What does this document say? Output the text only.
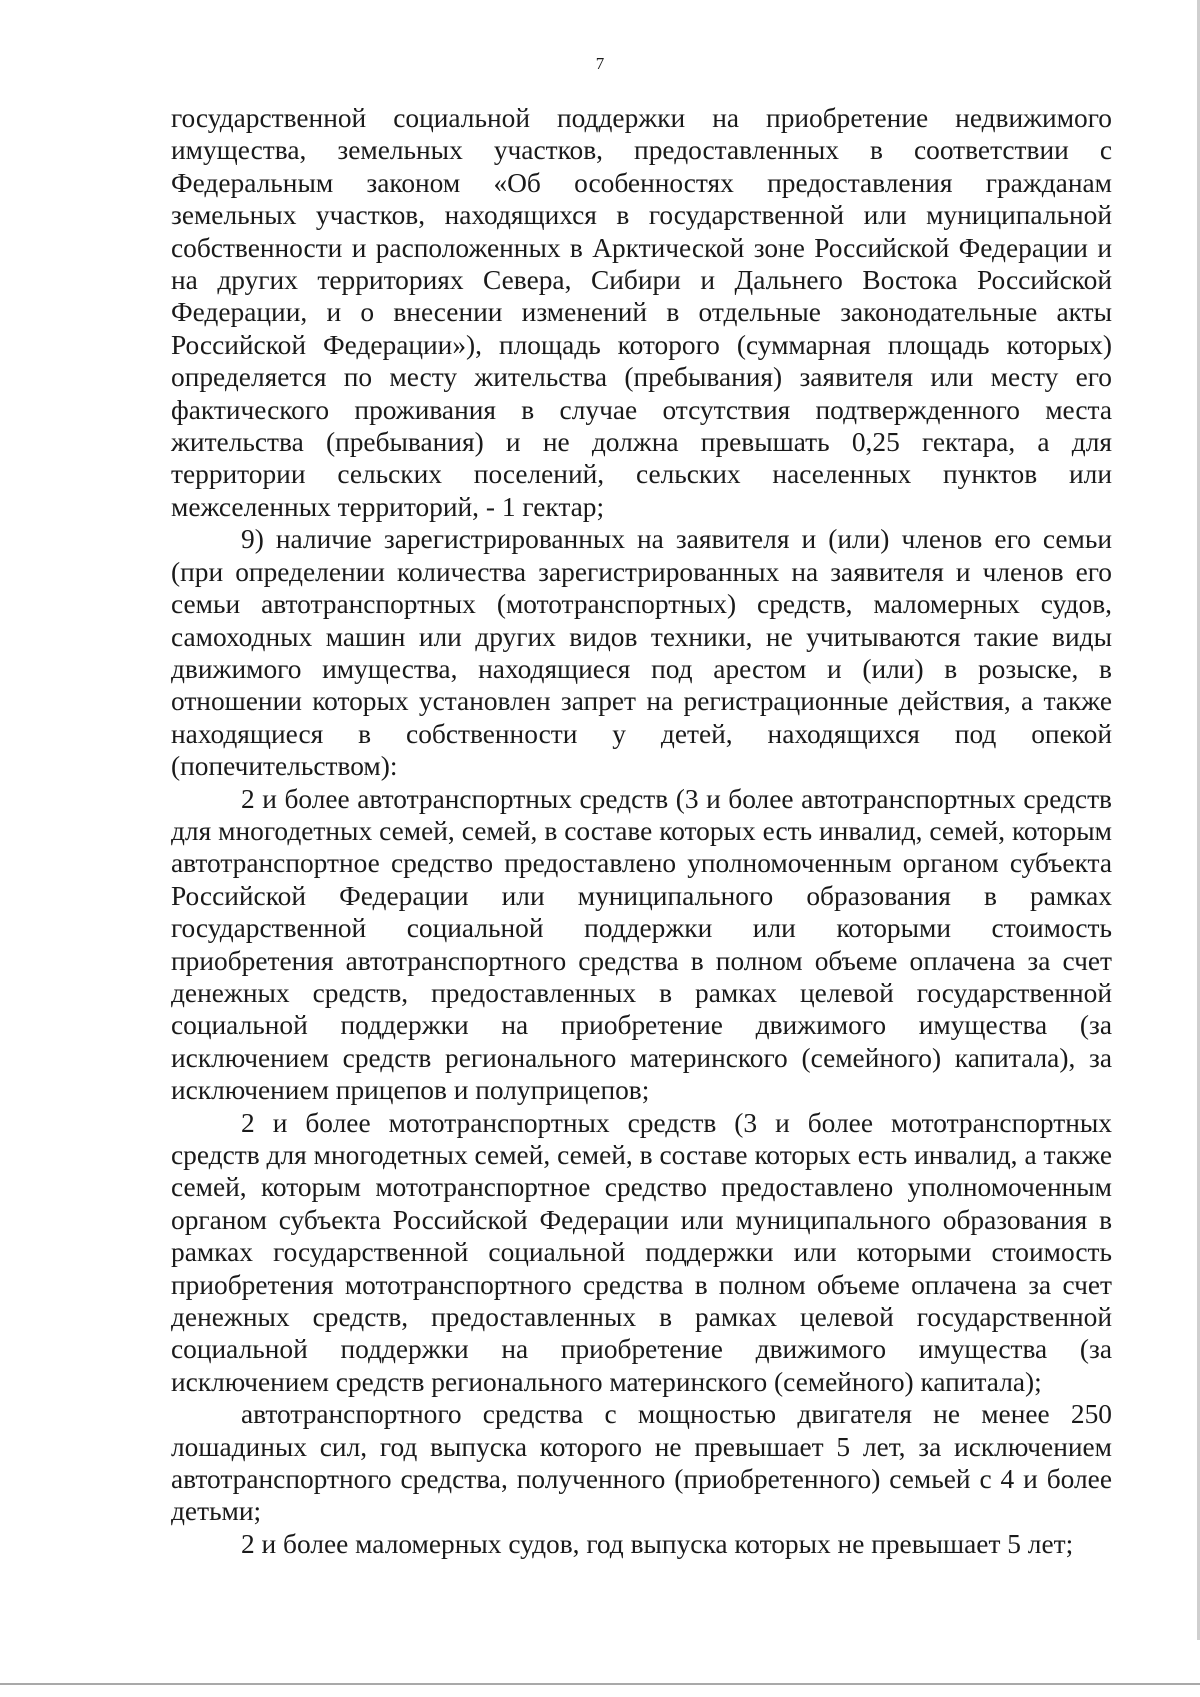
7

государственной социальной поддержки на приобретение недвижимого имущества, земельных участков, предоставленных в соответствии с Федеральным законом «Об особенностях предоставления гражданам земельных участков, находящихся в государственной или муниципальной собственности и расположенных в Арктической зоне Российской Федерации и на других территориях Севера, Сибири и Дальнего Востока Российской Федерации, и о внесении изменений в отдельные законодательные акты Российской Федерации»), площадь которого (суммарная площадь которых) определяется по месту жительства (пребывания) заявителя или месту его фактического проживания в случае отсутствия подтвержденного места жительства (пребывания) и не должна превышать 0,25 гектара, а для территории сельских поселений, сельских населенных пунктов или межселенных территорий, - 1 гектар;

9) наличие зарегистрированных на заявителя и (или) членов его семьи (при определении количества зарегистрированных на заявителя и членов его семьи автотранспортных (мототранспортных) средств, маломерных судов, самоходных машин или других видов техники, не учитываются такие виды движимого имущества, находящиеся под арестом и (или) в розыске, в отношении которых установлен запрет на регистрационные действия, а также находящиеся в собственности у детей, находящихся под опекой (попечительством):

2 и более автотранспортных средств (3 и более автотранспортных средств для многодетных семей, семей, в составе которых есть инвалид, семей, которым автотранспортное средство предоставлено уполномоченным органом субъекта Российской Федерации или муниципального образования в рамках государственной социальной поддержки или которыми стоимость приобретения автотранспортного средства в полном объеме оплачена за счет денежных средств, предоставленных в рамках целевой государственной социальной поддержки на приобретение движимого имущества (за исключением средств регионального материнского (семейного) капитала), за исключением прицепов и полуприцепов;

2 и более мототранспортных средств (3 и более мототранспортных средств для многодетных семей, семей, в составе которых есть инвалид, а также семей, которым мототранспортное средство предоставлено уполномоченным органом субъекта Российской Федерации или муниципального образования в рамках государственной социальной поддержки или которыми стоимость приобретения мототранспортного средства в полном объеме оплачена за счет денежных средств, предоставленных в рамках целевой государственной социальной поддержки на приобретение движимого имущества (за исключением средств регионального материнского (семейного) капитала);

автотранспортного средства с мощностью двигателя не менее 250 лошадиных сил, год выпуска которого не превышает 5 лет, за исключением автотранспортного средства, полученного (приобретенного) семьей с 4 и более детьми;

2 и более маломерных судов, год выпуска которых не превышает 5 лет;
